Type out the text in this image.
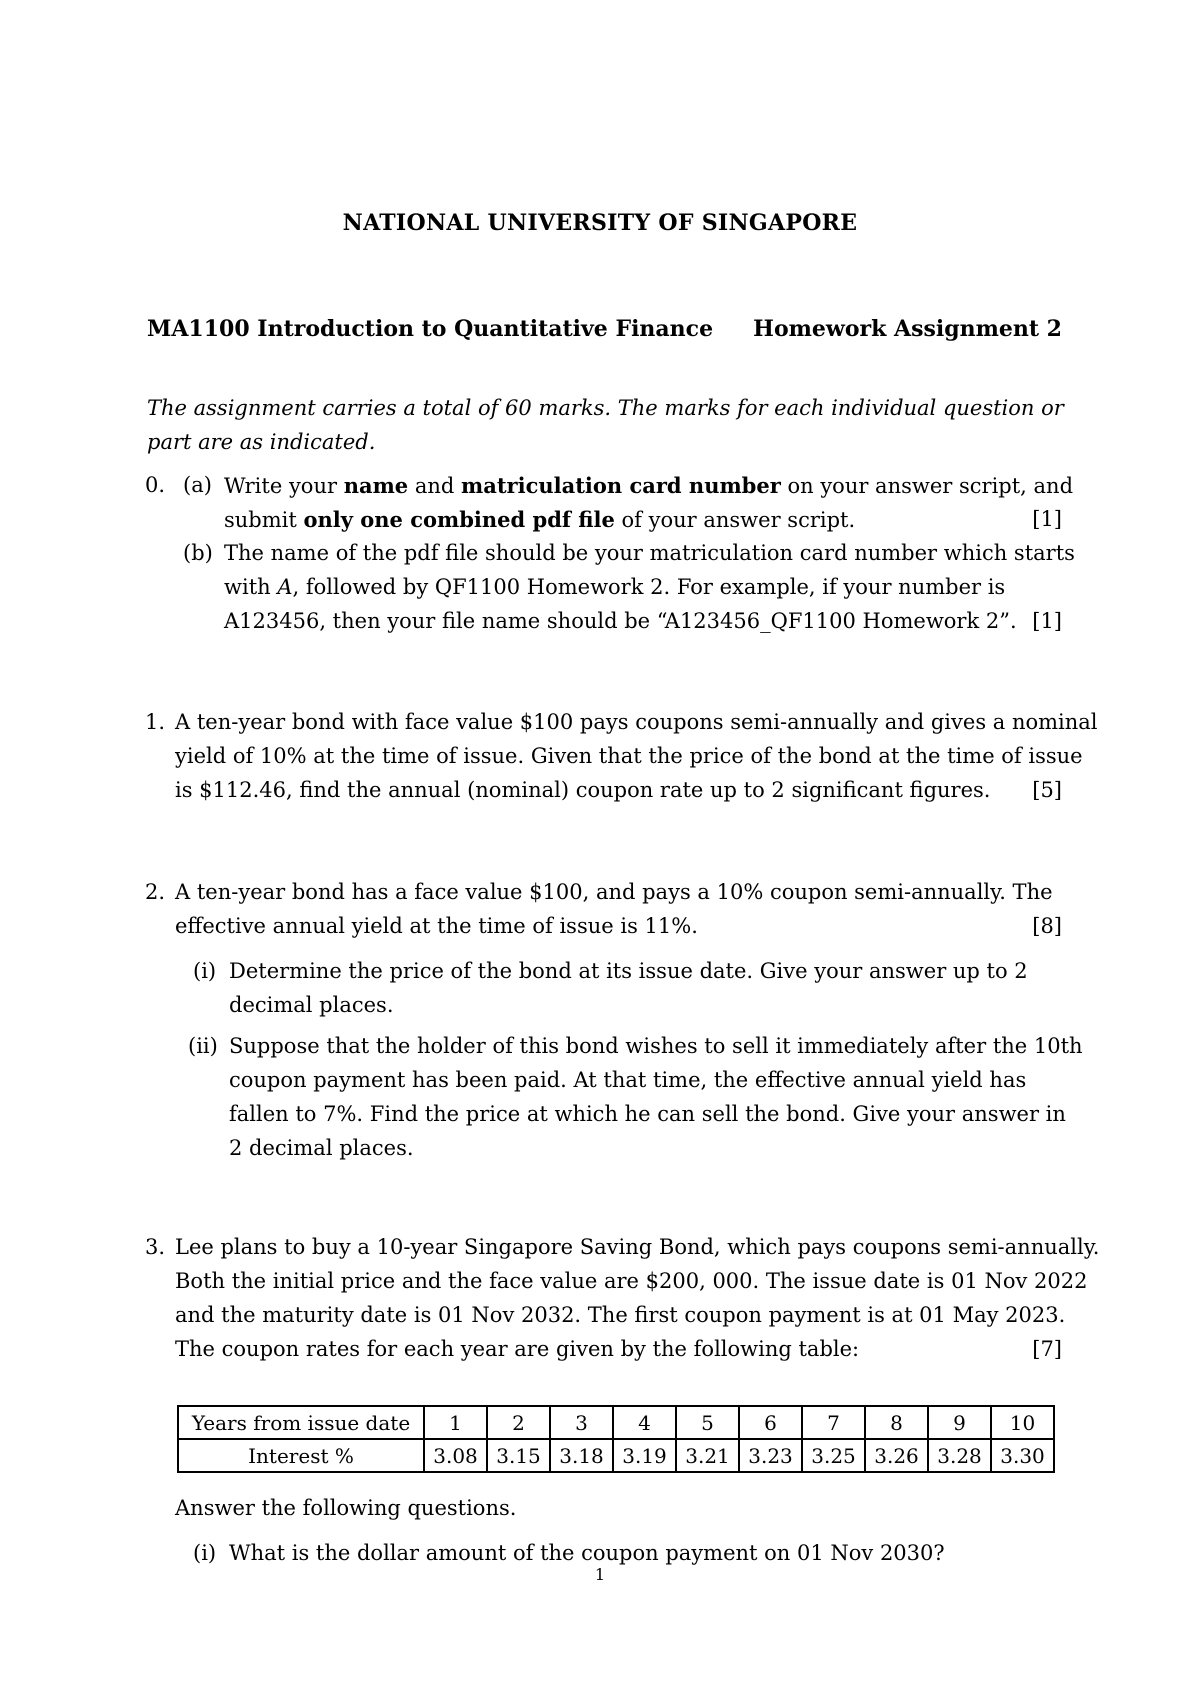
NATIONAL UNIVERSITY OF SINGAPORE
MA1100 Introduction to Quantitative Finance Homework Assignment 2
The assignment carries a total of 60 marks. The marks for each individual question or
part are as indicated.
0. (a) Write your name and matriculation card number on your answer script, and
submit only one combined pdf file of your answer script.	[1]
(b) The name of the pdf file should be your matriculation card number which starts
with A, followed by QF1100 Homework 2. For example, if your number is
A123456, then your file name should be “A123456_QF1100 Homework 2”. [1]
1. A ten-year bond with face value $100 pays coupons semi-annually and gives a nominal
yield of 10% at the time of issue. Given that the price of the bond at the time of issue
is $112.46, find the annual (nominal) coupon rate up to 2 significant figures. [5]
2. A ten-year bond has a face value $100, and pays a 10% coupon semi-annually. The
effective annual yield at the time of issue is 11%.	[8]
(i) Determine the price of the bond at its issue date. Give your answer up to 2
decimal places.
(ii) Suppose that the holder of this bond wishes to sell it immediately after the 10th
coupon payment has been paid. At that time, the effective annual yield has
fallen to 7%. Find the price at which he can sell the bond. Give your answer in
2 decimal places.
3. Lee plans to buy a 10-year Singapore Saving Bond, which pays coupons semi-annually.
Both the initial price and the face value are $200, 000. The issue date is 01 Nov 2022
and the maturity date is 01 Nov 2032. The first coupon payment is at 01 May 2023.
The coupon rates for each year are given by the following table:	[7]
Years from issue date	1	2	3	4	5	6	7	8	9	10
Interest %	3.08	3.15	3.18	3.19	3.21	3.23	3.25	3.26	3.28	3.30
Answer the following questions.
(i) What is the dollar amount of the coupon payment on 01 Nov 2030?
1
